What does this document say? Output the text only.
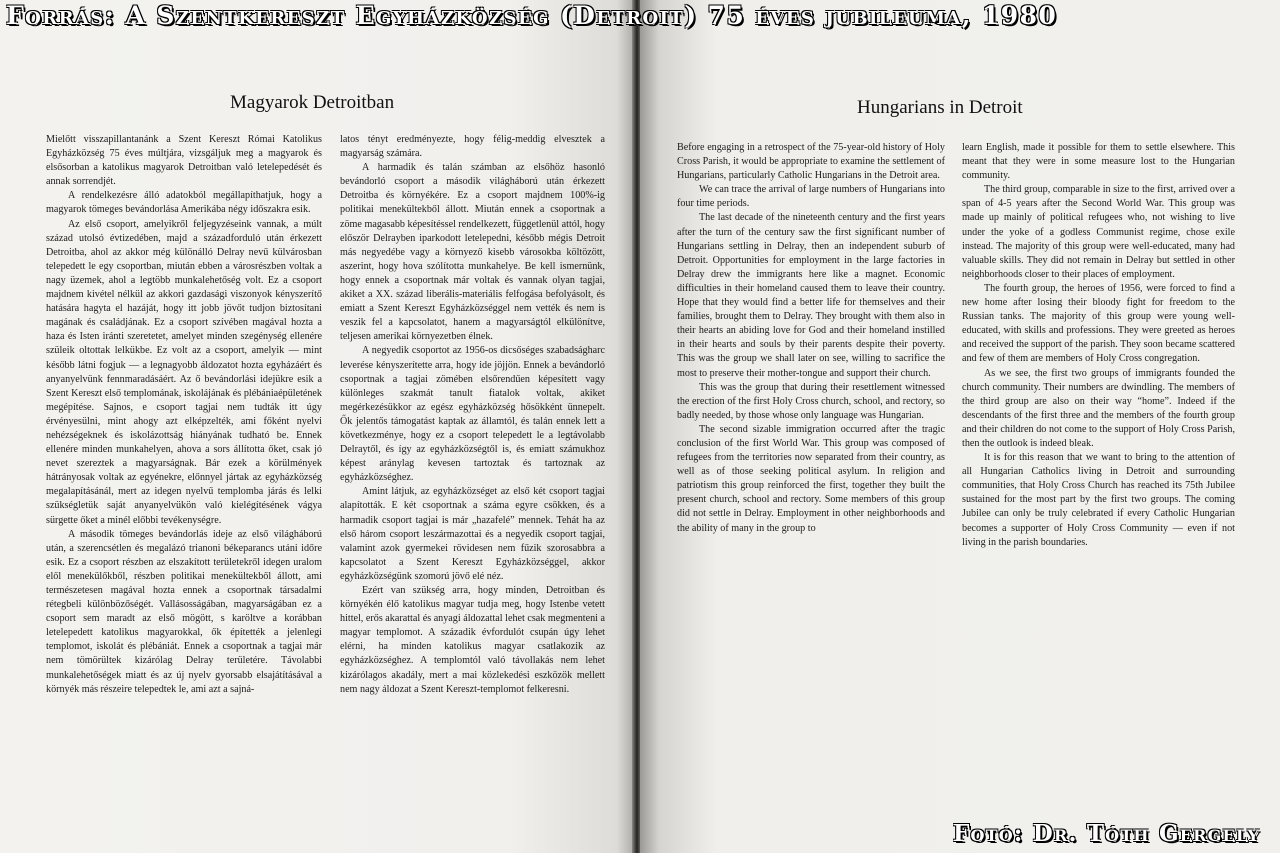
Magyarok Detroitban

Mielőtt visszapillantanánk a Szent Kereszt Római Katolikus Egyházközség 75 éves múltjára, vizsgáljuk meg a magyarok és elsősorban a katolikus magyarok Detroitban való letelepedését és annak sorrendjét.

A rendelkezésre álló adatokból megállapíthatjuk, hogy a magyarok tömeges bevándorlása Amerikába négy időszakra esik.

Az első csoport, amelyikről feljegyzéseink vannak, a múlt század utolsó évtizedében, majd a századforduló után érkezett Detroitba, ahol az akkor még különálló Delray nevű külvárosban telepedett le egy csoportban, miután ebben a városrészben voltak a nagy üzemek, ahol a legtöbb munkalehetőség volt. Ez a csoport majdnem kivétel nélkül az akkori gazdasági viszonyok kényszerítő hatására hagyta el hazáját, hogy itt jobb jövőt tudjon biztosítani magának és családjának. Ez a csoport szívében magával hozta a haza és Isten iránti szeretetet, amelyet minden szegénység ellenére szüleik oltottak lelkükbe. Ez volt az a csoport, amelyik — mint később látni fogjuk — a legnagyobb áldozatot hozta egyházáért és anyanyelvünk fennmaradásáért. Az ő bevándorlási idejükre esik a Szent Kereszt első templomának, iskolájának és plébániaépületének megépítése. Sajnos, e csoport tagjai nem tudták itt úgy érvényesülni, mint ahogy azt elképzelték, ami főként nyelvi nehézségeknek és iskolázottság hiányának tudható be. Ennek ellenére minden munkahelyen, ahova a sors állította őket, csak jó nevet szereztek a magyarságnak. Bár ezek a körülmények hátrányosak voltak az egyénekre, előnnyel jártak az egyházközség megalapításánál, mert az idegen nyelvű templomba járás és lelki szükségletük saját anyanyelvükön való kielégítésének vágya sürgette őket a minél előbbi tevékenységre.

A második tömeges bevándorlás ideje az első világháború után, a szerencsétlen és megalázó trianoni békeparancs utáni időre esik. Ez a csoport részben az elszakított területekről idegen uralom elől menekülőkből, részben politikai menekültekből állott, ami természetesen magával hozta ennek a csoportnak társadalmi rétegbeli különbözőségét. Vallásosságában, magyarságában ez a csoport sem maradt az első mögött, s karöltve a korábban letelepedett katolikus magyarokkal, ők építették a jelenlegi templomot, iskolát és plébániát. Ennek a csoportnak a tagjai már nem tömörültek kizárólag Delray területére. Távolabbi munkalehetőségek miatt és az új nyelv gyorsabb elsajátításával a környék más részeire telepedtek le, ami azt a sajná-

latos tényt eredményezte, hogy félig-meddig elvesztek a magyarság számára.

A harmadik és talán számban az elsőhöz hasonló bevándorló csoport a második világháború után érkezett Detroitba és környékére. Ez a csoport majdnem 100%-ig politikai menekültekből állott. Miután ennek a csoportnak a zöme magasabb képesítéssel rendelkezett, függetlenül attól, hogy először Delrayben iparkodott letelepedni, később mégis Detroit más negyedébe vagy a környező kisebb városokba költözött, aszerint, hogy hova szólította munkahelye. Be kell ismernünk, hogy ennek a csoportnak már voltak és vannak olyan tagjai, akiket a XX. század liberális-materiális felfogása befolyásolt, és emiatt a Szent Kereszt Egyházközséggel nem vették és nem is veszik fel a kapcsolatot, hanem a magyarságtól elkülönítve, teljesen amerikai környezetben élnek.

A negyedik csoportot az 1956-os dicsőséges szabadságharc leverése kényszerítette arra, hogy ide jöjjön. Ennek a bevándorló csoportnak a tagjai zömében elsőrendűen képesített vagy különleges szakmát tanult fiatalok voltak, akiket megérkezésükkor az egész egyházközség hősökként ünnepelt. Ők jelentős támogatást kaptak az államtól, és talán ennek lett a következménye, hogy ez a csoport telepedett le a legtávolabb Delraytől, és így az egyházközségtől is, és emiatt számukhoz képest aránylag kevesen tartoztak és tartoznak az egyházközséghez.

Amint látjuk, az egyházközséget az első két csoport tagjai alapították. E két csoportnak a száma egyre csökken, és a harmadik csoport tagjai is már „hazafelé” mennek. Tehát ha az első három csoport leszármazottai és a negyedik csoport tagjai, valamint azok gyermekei rövidesen nem fűzik szorosabbra a kapcsolatot a Szent Kereszt Egyházközséggel, akkor egyházközségünk szomorú jövő elé néz.

Ezért van szükség arra, hogy minden, Detroitban és környékén élő katolikus magyar tudja meg, hogy Istenbe vetett hittel, erős akarattal és anyagi áldozattal lehet csak megmenteni a magyar templomot. A századik évfordulót csupán úgy lehet elérni, ha minden katolikus magyar csatlakozik az egyházközséghez. A templomtól való távollakás nem lehet kizárólagos akadály, mert a mai közlekedési eszközök mellett nem nagy áldozat a Szent Kereszt-templomot felkeresni.

Hungarians in Detroit

Before engaging in a retrospect of the 75-year-old history of Holy Cross Parish, it would be appropriate to examine the settlement of Hungarians, particularly Catholic Hungarians in the Detroit area.

We can trace the arrival of large numbers of Hungarians into four time periods.

The last decade of the nineteenth century and the first years after the turn of the century saw the first significant number of Hungarians settling in Delray, then an independent suburb of Detroit. Opportunities for employment in the large factories in Delray drew the immigrants here like a magnet. Economic difficulties in their homeland caused them to leave their country. Hope that they would find a better life for themselves and their families, brought them to Delray. They brought with them also in their hearts an abiding love for God and their homeland instilled in their hearts and souls by their parents despite their poverty. This was the group we shall later on see, willing to sacrifice the most to preserve their mother-tongue and support their church.

This was the group that during their resettlement witnessed the erection of the first Holy Cross church, school, and rectory, so badly needed, by those whose only language was Hungarian.

The second sizable immigration occurred after the tragic conclusion of the first World War. This group was composed of refugees from the territories now separated from their country, as well as of those seeking political asylum. In religion and patriotism this group reinforced the first, together they built the present church, school and rectory. Some members of this group did not settle in Delray. Employment in other neighborhoods and the ability of many in the group to

learn English, made it possible for them to settle elsewhere. This meant that they were in some measure lost to the Hungarian community.

The third group, comparable in size to the first, arrived over a span of 4-5 years after the Second World War. This group was made up mainly of political refugees who, not wishing to live under the yoke of a godless Communist regime, chose exile instead. The majority of this group were well-educated, many had valuable skills. They did not remain in Delray but settled in other neighborhoods closer to their places of employment.

The fourth group, the heroes of 1956, were forced to find a new home after losing their bloody fight for freedom to the Russian tanks. The majority of this group were young well-educated, with skills and professions. They were greeted as heroes and received the support of the parish. They soon became scattered and few of them are members of Holy Cross congregation.

As we see, the first two groups of immigrants founded the church community. Their numbers are dwindling. The members of the third group are also on their way “home”. Indeed if the descendants of the first three and the members of the fourth group and their children do not come to the support of Holy Cross Parish, then the outlook is indeed bleak.

It is for this reason that we want to bring to the attention of all Hungarian Catholics living in Detroit and surrounding communities, that Holy Cross Church has reached its 75th Jubilee sustained for the most part by the first two groups. The coming Jubilee can only be truly celebrated if every Catholic Hungarian becomes a supporter of Holy Cross Community — even if not living in the parish boundaries.

Forrás: A Szentkereszt Egyházközség (Detroit) 75 éves jubileuma, 1980
Fotó: Dr. Tóth Gergely
